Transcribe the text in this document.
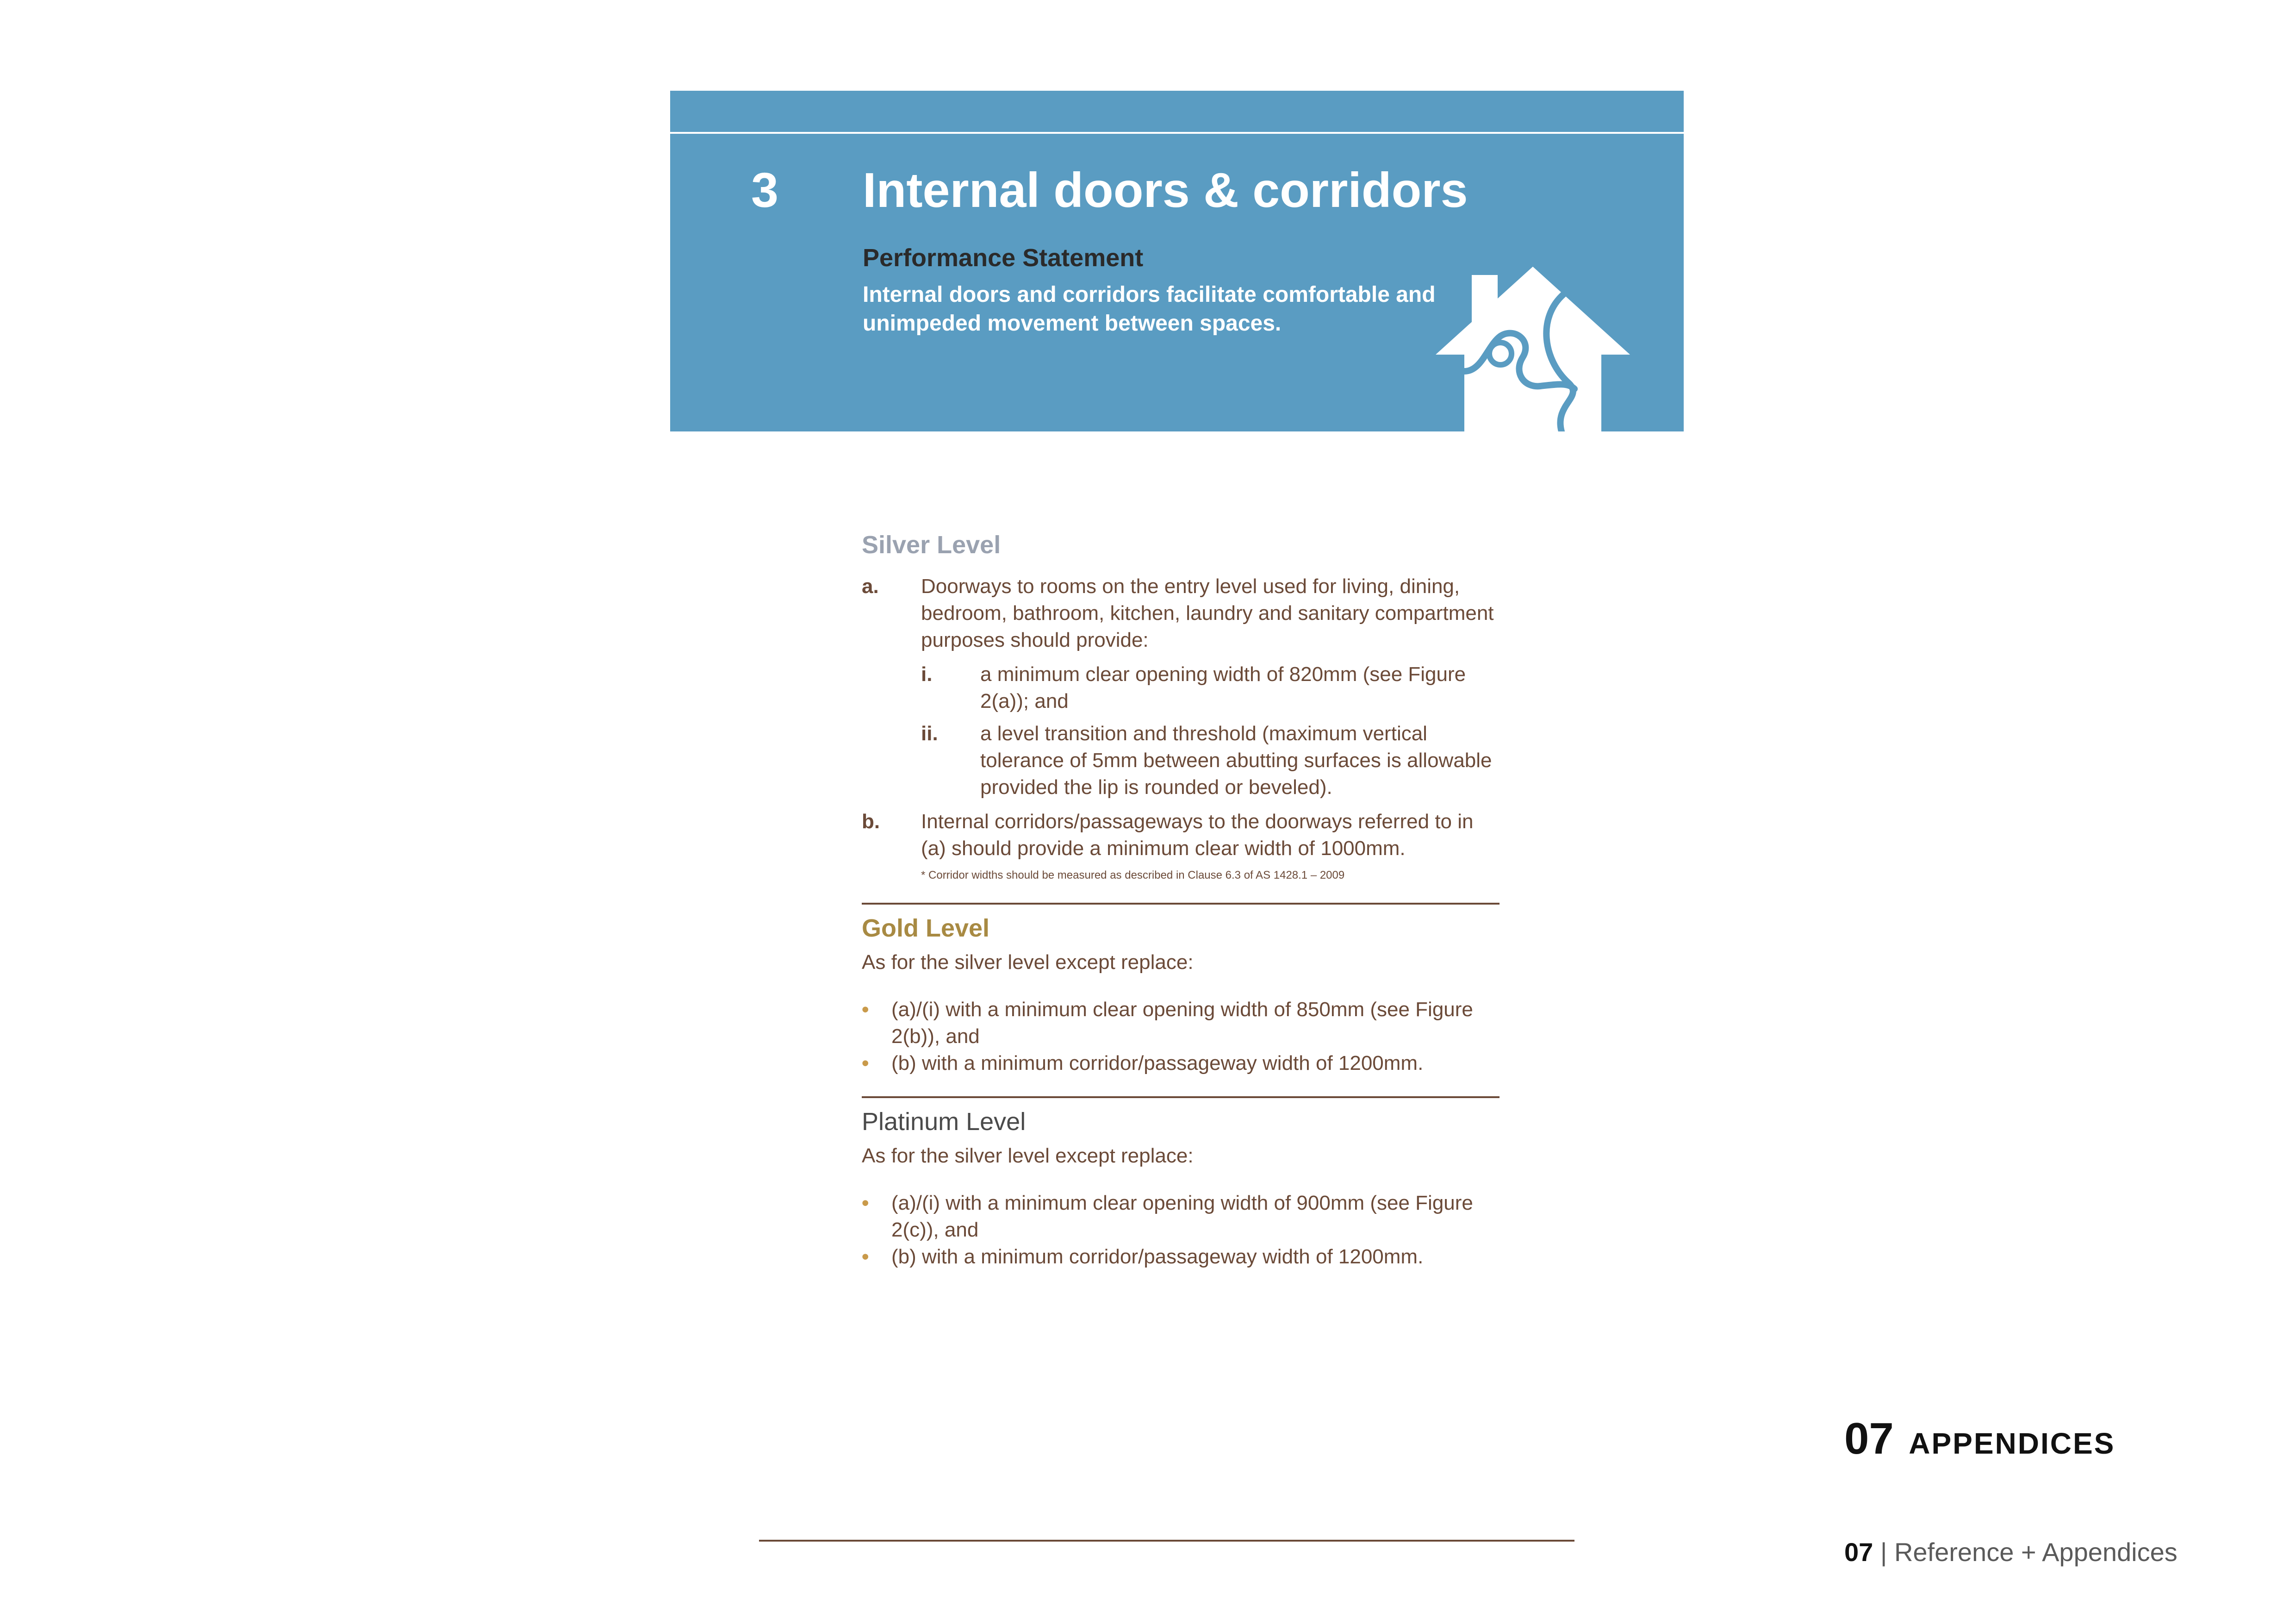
3 Internal doors & corridors
Performance Statement
Internal doors and corridors facilitate comfortable and unimpeded movement between spaces.
Silver Level
a.	Doorways to rooms on the entry level used for living, dining, bedroom, bathroom, kitchen, laundry and sanitary compartment purposes should provide:
i.	a minimum clear opening width of 820mm (see Figure 2(a)); and
ii.	a level transition and threshold (maximum vertical tolerance of 5mm between abutting surfaces is allowable provided the lip is rounded or beveled).
b.	Internal corridors/passageways to the doorways referred to in (a) should provide a minimum clear width of 1000mm.
* Corridor widths should be measured as described in Clause 6.3 of AS 1428.1 – 2009
Gold Level
As for the silver level except replace:
•	(a)/(i) with a minimum clear opening width of 850mm (see Figure 2(b)), and
•	(b) with a minimum corridor/passageway width of 1200mm.
Platinum Level
As for the silver level except replace:
•	(a)/(i) with a minimum clear opening width of 900mm (see Figure 2(c)), and
•	(b) with a minimum corridor/passageway width of 1200mm.
07 APPENDICES
07 | Reference + Appendices
